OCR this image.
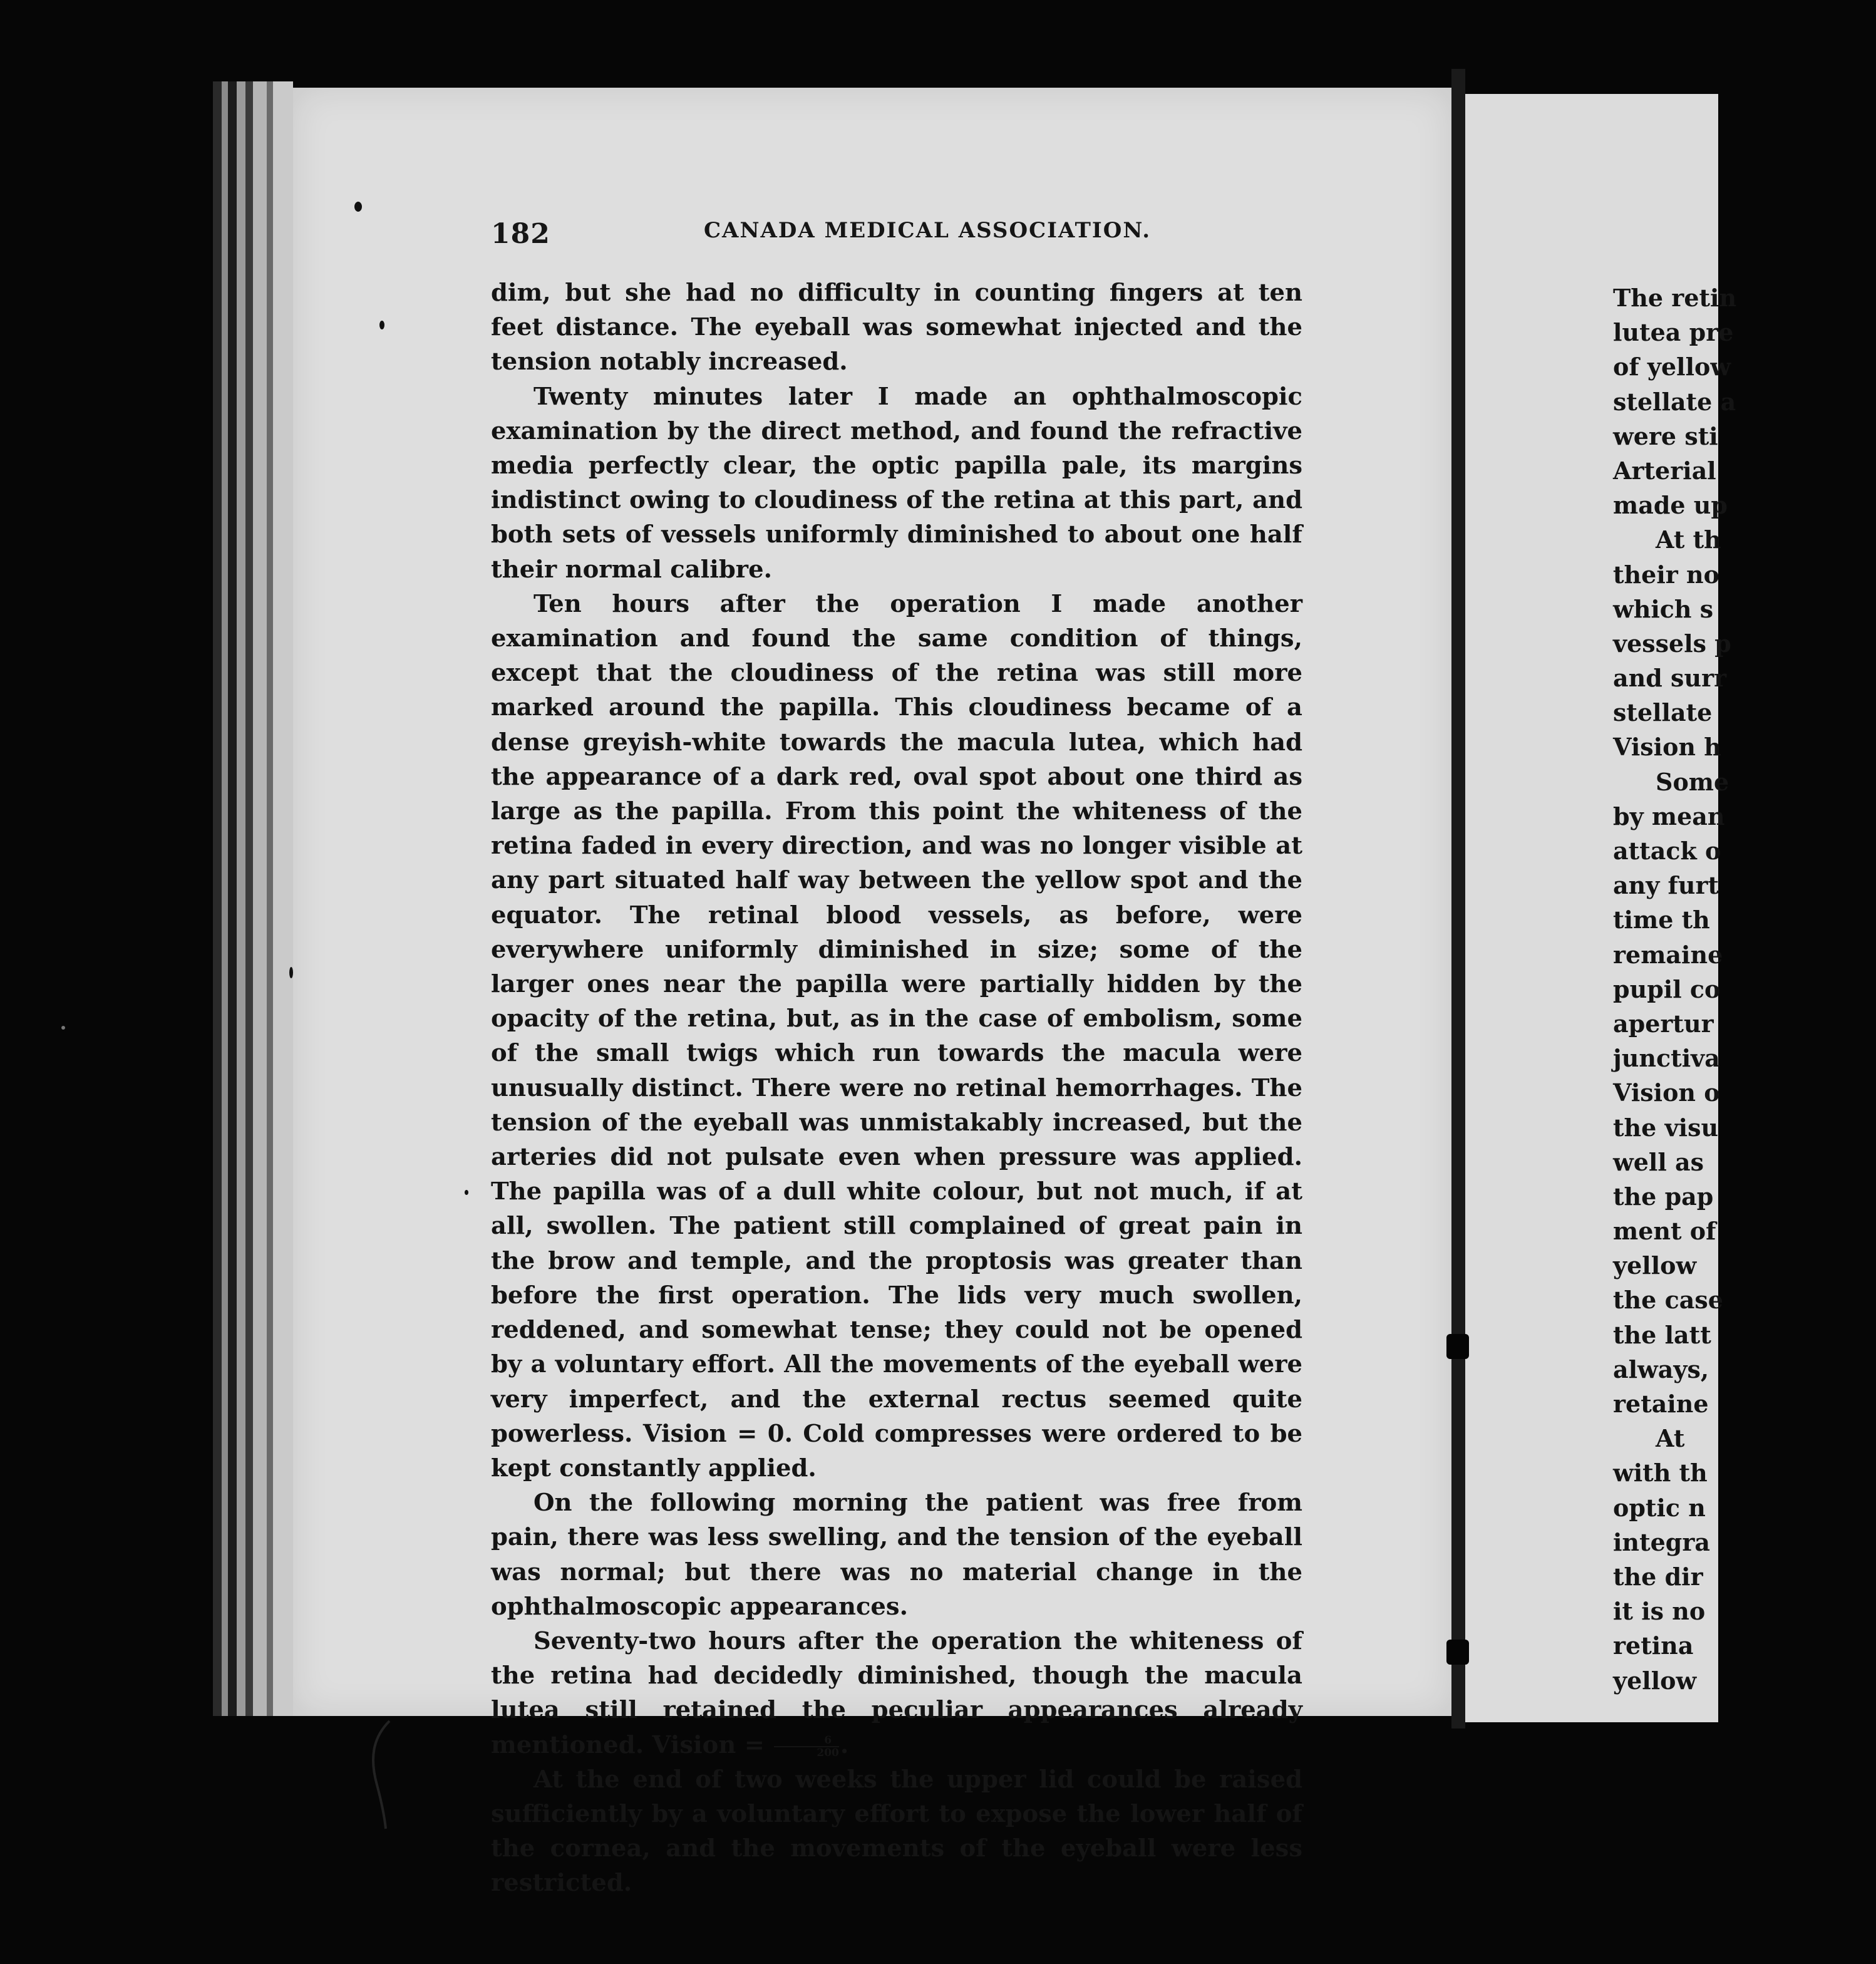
The retin
lutea pre
of yellow
stellate a
were sti
Arterial
made up
At th
their no
which s
vessels p
and surr
stellate
Vision h
Some
by mean
attack o
any furt
time th
remaine
pupil co
apertur
junctiva
Vision o
the visu
well as
the pap
ment of
yellow
the case
the latt
always,
retaine
At
with th
optic n
integra
the dir
it is no
retina
yellow
182	CANADA MEDICAL ASSOCIATION.

dim, but she had no difficulty in counting fingers at ten feet distance. The eyeball was somewhat injected and the tension notably increased.

Twenty minutes later I made an ophthalmoscopic examination by the direct method, and found the refractive media perfectly clear, the optic papilla pale, its margins indistinct owing to cloudiness of the retina at this part, and both sets of vessels uniformly diminished to about one half their normal calibre.

Ten hours after the operation I made another examination and found the same condition of things, except that the cloudiness of the retina was still more marked around the papilla. This cloudiness became of a dense greyish-white towards the macula lutea, which had the appearance of a dark red, oval spot about one third as large as the papilla. From this point the whiteness of the retina faded in every direction, and was no longer visible at any part situated half way between the yellow spot and the equator. The retinal blood vessels, as before, were everywhere uniformly diminished in size; some of the larger ones near the papilla were partially hidden by the opacity of the retina, but, as in the case of embolism, some of the small twigs which run towards the macula were unusually distinct. There were no retinal hemorrhages. The tension of the eyeball was unmistakably increased, but the arteries did not pulsate even when pressure was applied. The papilla was of a dull white colour, but not much, if at all, swollen. The patient still complained of great pain in the brow and temple, and the proptosis was greater than before the first operation. The lids very much swollen, reddened, and somewhat tense; they could not be opened by a voluntary effort. All the movements of the eyeball were very imperfect, and the external rectus seemed quite powerless. Vision = 0. Cold compresses were ordered to be kept constantly applied.

On the following morning the patient was free from pain, there was less swelling, and the tension of the eyeball was normal; but there was no material change in the ophthalmoscopic appearances.

Seventy-two hours after the operation the whiteness of the retina had decidedly diminished, though the macula lutea still retained the peculiar appearances already mentioned. Vision = $\frac{6}{200}$ .

At the end of two weeks the upper lid could be raised sufficiently by a voluntary effort to expose the lower half of the cornea, and the movements of the eyeball were less restricted.
